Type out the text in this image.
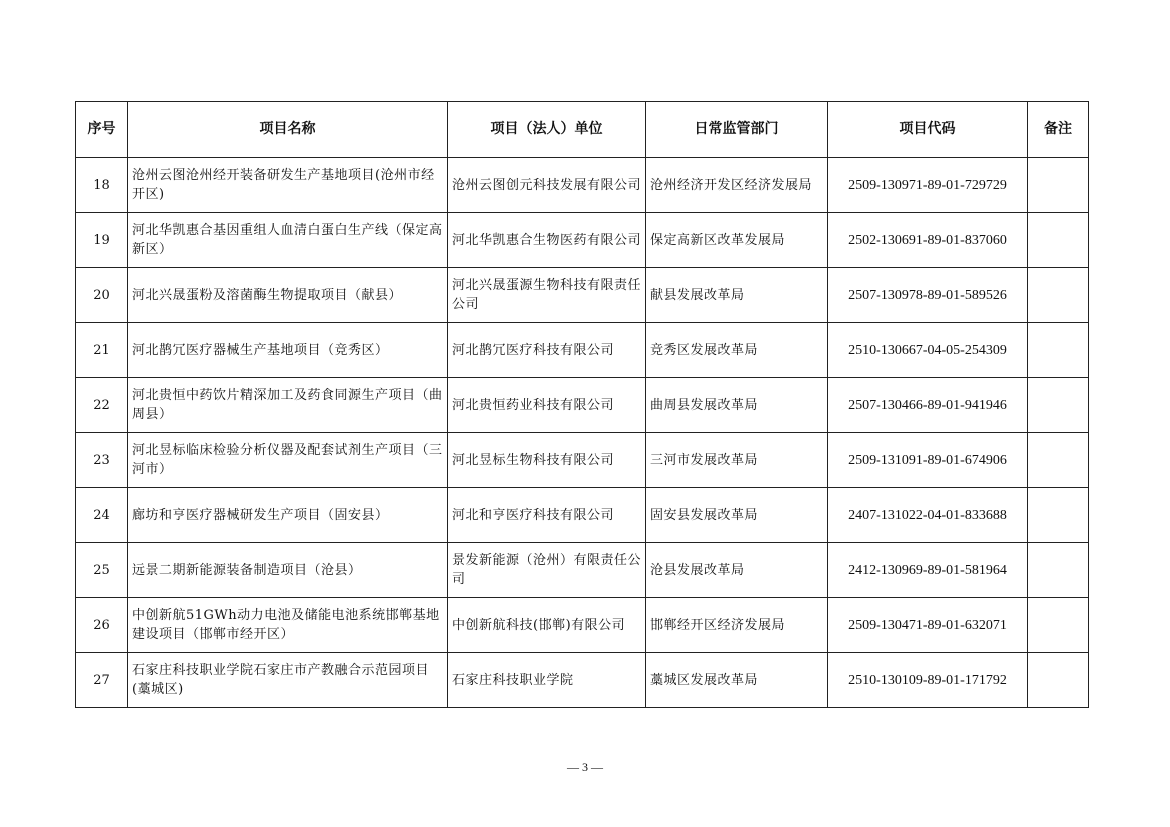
序号	项目名称	项目（法人）单位	日常监管部门	项目代码	备注
18	沧州云图沧州经开装备研发生产基地项目(沧州市经开区)	沧州云图创元科技发展有限公司	沧州经济开发区经济发展局	2509-130971-89-01-729729	
19	河北华凯惠合基因重组人血清白蛋白生产线（保定高新区）	河北华凯惠合生物医药有限公司	保定高新区改革发展局	2502-130691-89-01-837060	
20	河北兴晟蛋粉及溶菌酶生物提取项目（献县）	河北兴晟蛋源生物科技有限责任公司	献县发展改革局	2507-130978-89-01-589526	
21	河北鹊冗医疗器械生产基地项目（竞秀区）	河北鹊冗医疗科技有限公司	竞秀区发展改革局	2510-130667-04-05-254309	
22	河北贵恒中药饮片精深加工及药食同源生产项目（曲周县）	河北贵恒药业科技有限公司	曲周县发展改革局	2507-130466-89-01-941946	
23	河北昱标临床检验分析仪器及配套试剂生产项目（三河市）	河北昱标生物科技有限公司	三河市发展改革局	2509-131091-89-01-674906	
24	廊坊和亨医疗器械研发生产项目（固安县）	河北和亨医疗科技有限公司	固安县发展改革局	2407-131022-04-01-833688	
25	远景二期新能源装备制造项目（沧县）	景发新能源（沧州）有限责任公司	沧县发展改革局	2412-130969-89-01-581964	
26	中创新航51GWh动力电池及储能电池系统邯郸基地建设项目（邯郸市经开区）	中创新航科技(邯郸)有限公司	邯郸经开区经济发展局	2509-130471-89-01-632071	
27	石家庄科技职业学院石家庄市产教融合示范园项目(藁城区)	石家庄科技职业学院	藁城区发展改革局	2510-130109-89-01-171792	
— 3 —
